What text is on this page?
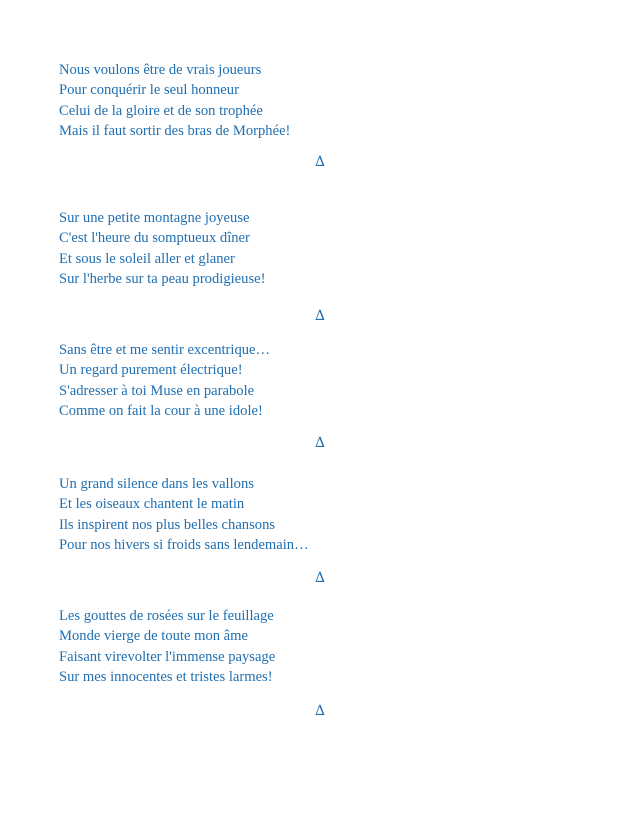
Nous voulons être de vrais joueurs
Pour conquérir le seul honneur
Celui de la gloire et de son trophée
Mais il faut sortir des bras de Morphée!
∆
Sur une petite montagne joyeuse
C'est l'heure du somptueux dîner
Et sous le soleil aller et glaner
Sur l'herbe sur ta peau prodigieuse!
∆
Sans être et me sentir excentrique…
Un regard purement électrique!
S'adresser à toi Muse en parabole
Comme on fait la cour à une idole!
∆
Un grand silence dans les vallons
Et les oiseaux chantent le matin
Ils inspirent nos plus belles chansons
Pour nos hivers si froids sans lendemain…
∆
Les gouttes de rosées sur le feuillage
Monde vierge de toute mon âme
Faisant virevolter l'immense paysage
Sur mes innocentes et tristes larmes!
∆
